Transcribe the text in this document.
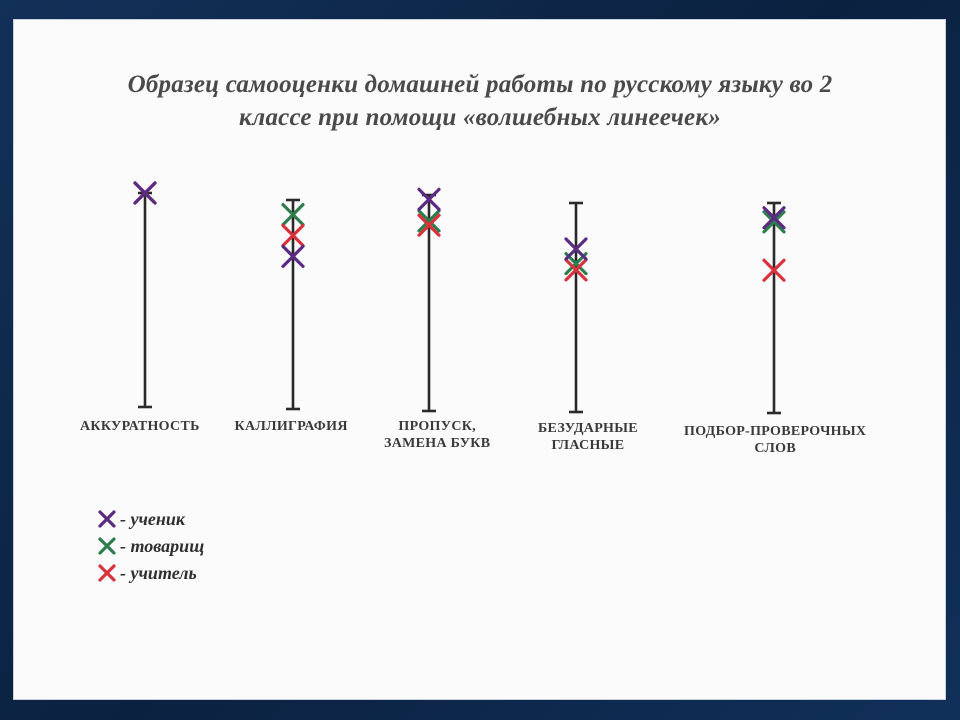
Образец самооценки домашней работы по русскому языку во 2
классе при помощи «волшебных линеечек»
АККУРАТНОСТЬ КАЛЛИГРАФИЯ	ПРОПУСК,
ЗАМЕНА БУКВ
БЕЗУДАРНЫЕ
ГЛАСНЫЕ
ПОДБОР-ПРОВЕРОЧНЫХ
СЛОВ
- ученик
- товарищ
- учитель
